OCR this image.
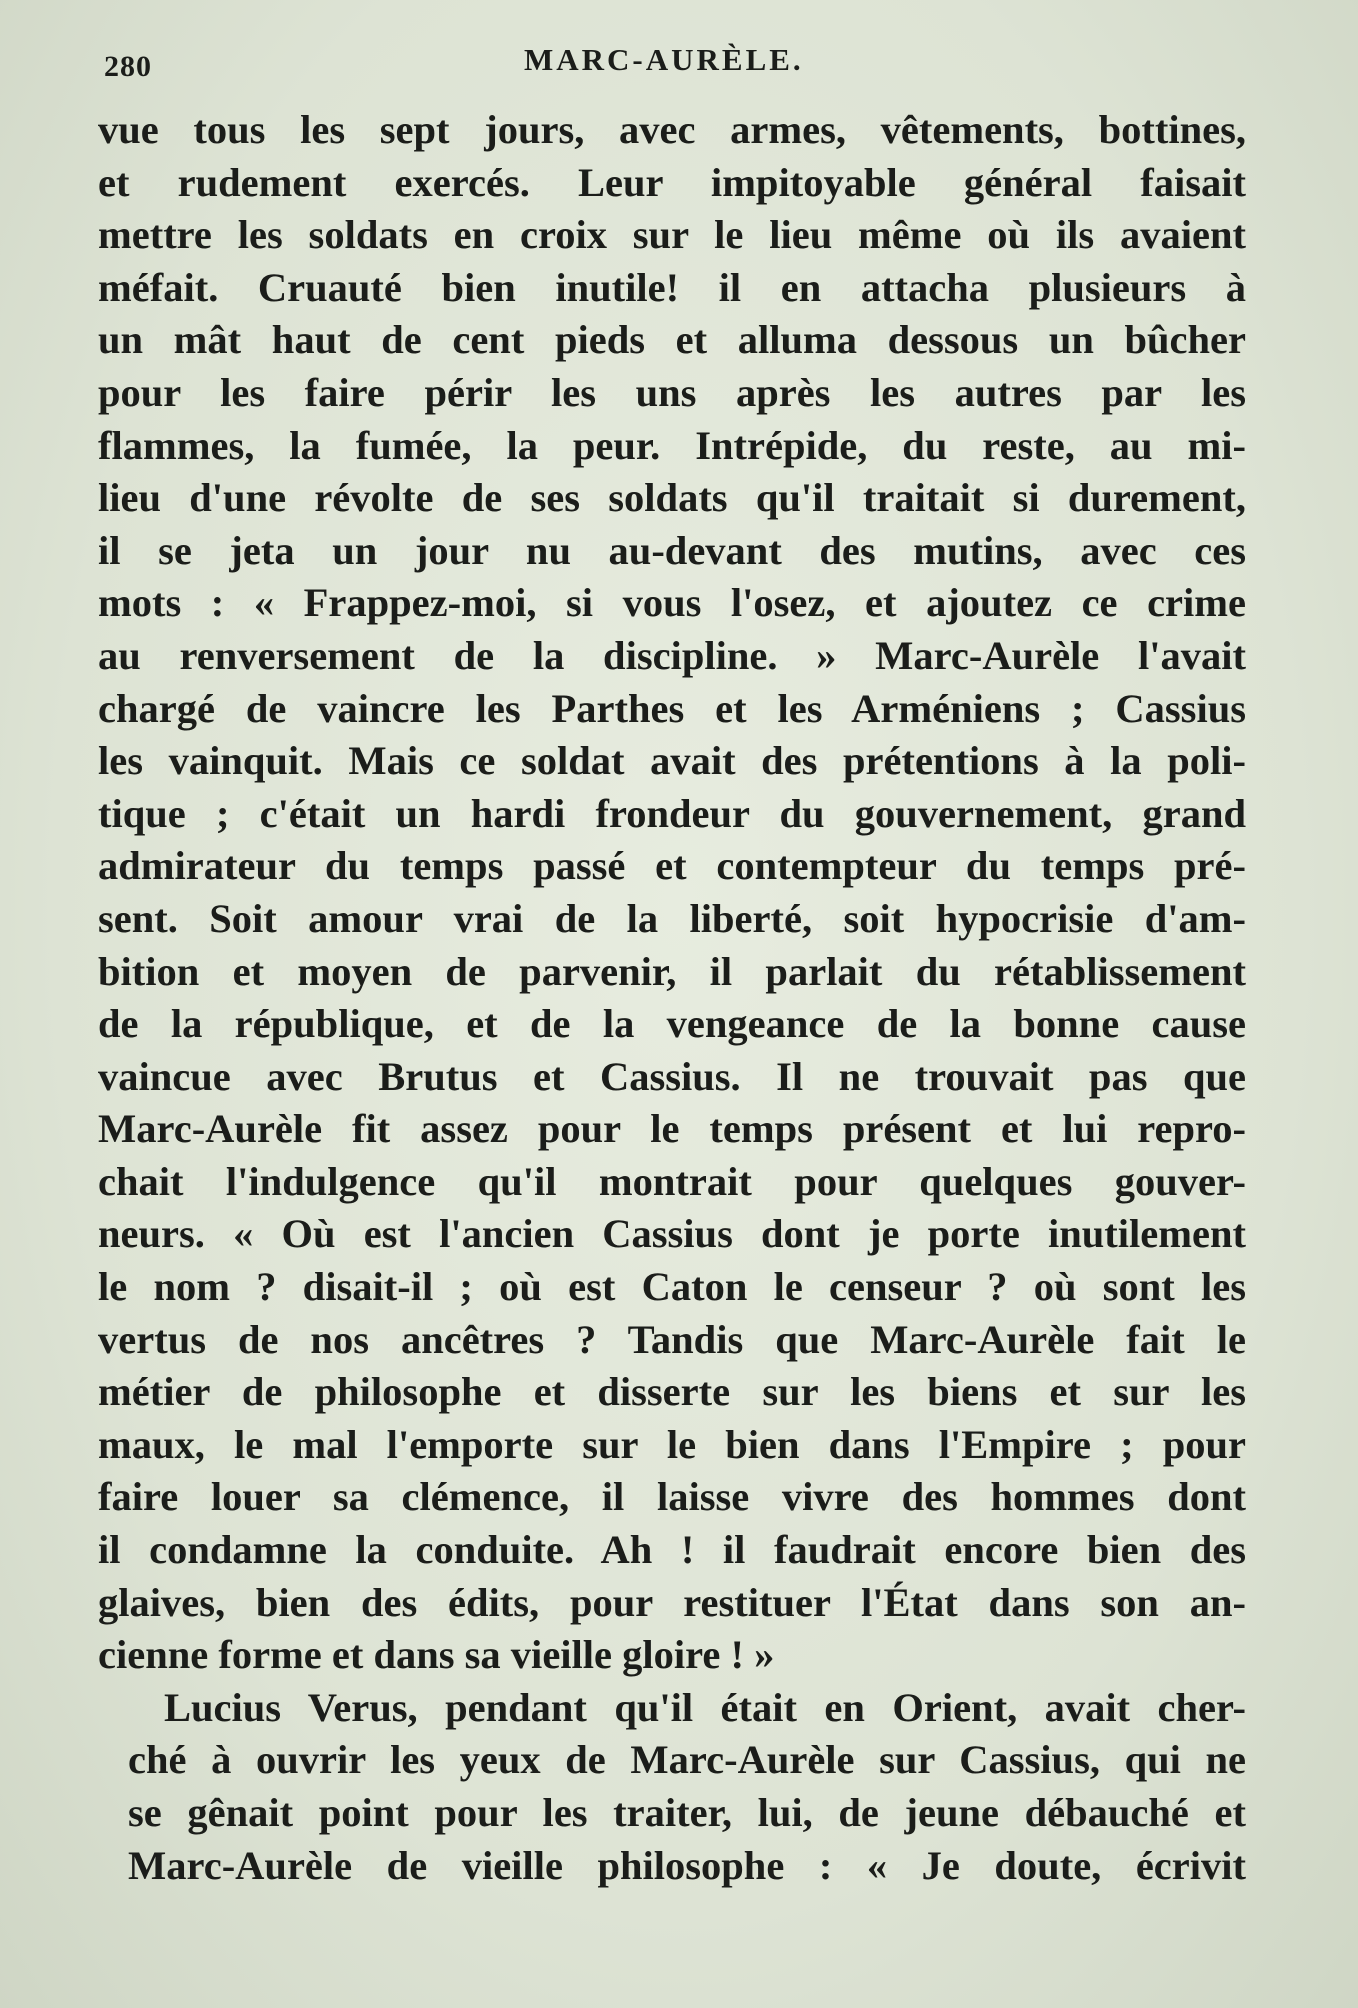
280	MARC-AURÈLE.
vue tous les sept jours, avec armes, vêtements, bottines,
et rudement exercés. Leur impitoyable général faisait
mettre les soldats en croix sur le lieu même où ils avaient
méfait. Cruauté bien inutile! il en attacha plusieurs à
un mât haut de cent pieds et alluma dessous un bûcher
pour les faire périr les uns après les autres par les
flammes, la fumée, la peur. Intrépide, du reste, au mi-
lieu d'une révolte de ses soldats qu'il traitait si durement,
il se jeta un jour nu au-devant des mutins, avec ces
mots : « Frappez-moi, si vous l'osez, et ajoutez ce crime
au renversement de la discipline. » Marc-Aurèle l'avait
chargé de vaincre les Parthes et les Arméniens ; Cassius
les vainquit. Mais ce soldat avait des prétentions à la poli-
tique ; c'était un hardi frondeur du gouvernement, grand
admirateur du temps passé et contempteur du temps pré-
sent. Soit amour vrai de la liberté, soit hypocrisie d'am-
bition et moyen de parvenir, il parlait du rétablissement
de la république, et de la vengeance de la bonne cause
vaincue avec Brutus et Cassius. Il ne trouvait pas que
Marc-Aurèle fit assez pour le temps présent et lui repro-
chait l'indulgence qu'il montrait pour quelques gouver-
neurs. « Où est l'ancien Cassius dont je porte inutilement
le nom ? disait-il ; où est Caton le censeur ? où sont les
vertus de nos ancêtres ? Tandis que Marc-Aurèle fait le
métier de philosophe et disserte sur les biens et sur les
maux, le mal l'emporte sur le bien dans l'Empire ; pour
faire louer sa clémence, il laisse vivre des hommes dont
il condamne la conduite. Ah ! il faudrait encore bien des
glaives, bien des édits, pour restituer l'État dans son an-
cienne forme et dans sa vieille gloire ! »
Lucius Verus, pendant qu'il était en Orient, avait cher-
ché à ouvrir les yeux de Marc-Aurèle sur Cassius, qui ne
se gênait point pour les traiter, lui, de jeune débauché et
Marc-Aurèle de vieille philosophe : « Je doute, écrivit
